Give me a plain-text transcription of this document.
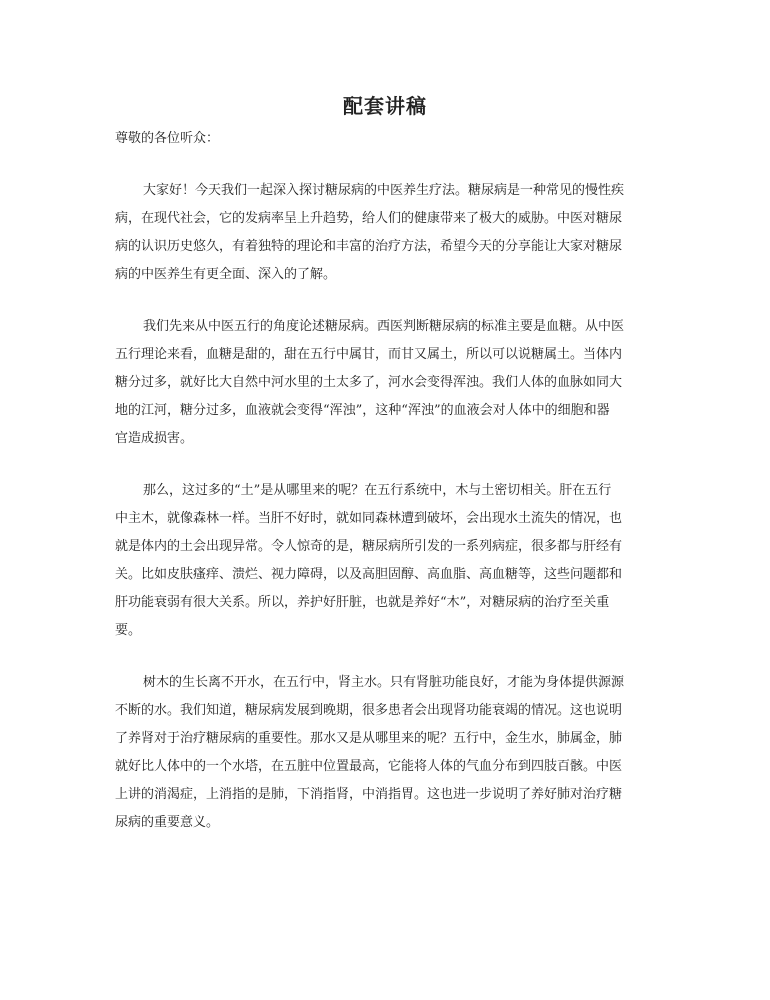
配套讲稿
尊敬的各位听众：
大家好！今天我们一起深入探讨糖尿病的中医养生疗法。糖尿病是一种常见的慢性疾
病，在现代社会，它的发病率呈上升趋势，给人们的健康带来了极大的威胁。中医对糖尿
病的认识历史悠久，有着独特的理论和丰富的治疗方法，希望今天的分享能让大家对糖尿
病的中医养生有更全面、深入的了解。
我们先来从中医五行的角度论述糖尿病。西医判断糖尿病的标准主要是血糖。从中医
五行理论来看，血糖是甜的，甜在五行中属甘，而甘又属土，所以可以说糖属土。当体内
糖分过多，就好比大自然中河水里的土太多了，河水会变得浑浊。我们人体的血脉如同大
地的江河，糖分过多，血液就会变得“浑浊”，这种“浑浊”的血液会对人体中的细胞和器
官造成损害。
那么，这过多的“土”是从哪里来的呢？在五行系统中，木与土密切相关。肝在五行
中主木，就像森林一样。当肝不好时，就如同森林遭到破坏，会出现水土流失的情况，也
就是体内的土会出现异常。令人惊奇的是，糖尿病所引发的一系列病症，很多都与肝经有
关。比如皮肤瘙痒、溃烂、视力障碍，以及高胆固醇、高血脂、高血糖等，这些问题都和
肝功能衰弱有很大关系。所以，养护好肝脏，也就是养好“木”，对糖尿病的治疗至关重
要。
树木的生长离不开水，在五行中，肾主水。只有肾脏功能良好，才能为身体提供源源
不断的水。我们知道，糖尿病发展到晚期，很多患者会出现肾功能衰竭的情况。这也说明
了养肾对于治疗糖尿病的重要性。那水又是从哪里来的呢？五行中，金生水，肺属金，肺
就好比人体中的一个水塔，在五脏中位置最高，它能将人体的气血分布到四肢百骸。中医
上讲的消渴症，上消指的是肺，下消指肾，中消指胃。这也进一步说明了养好肺对治疗糖
尿病的重要意义。
